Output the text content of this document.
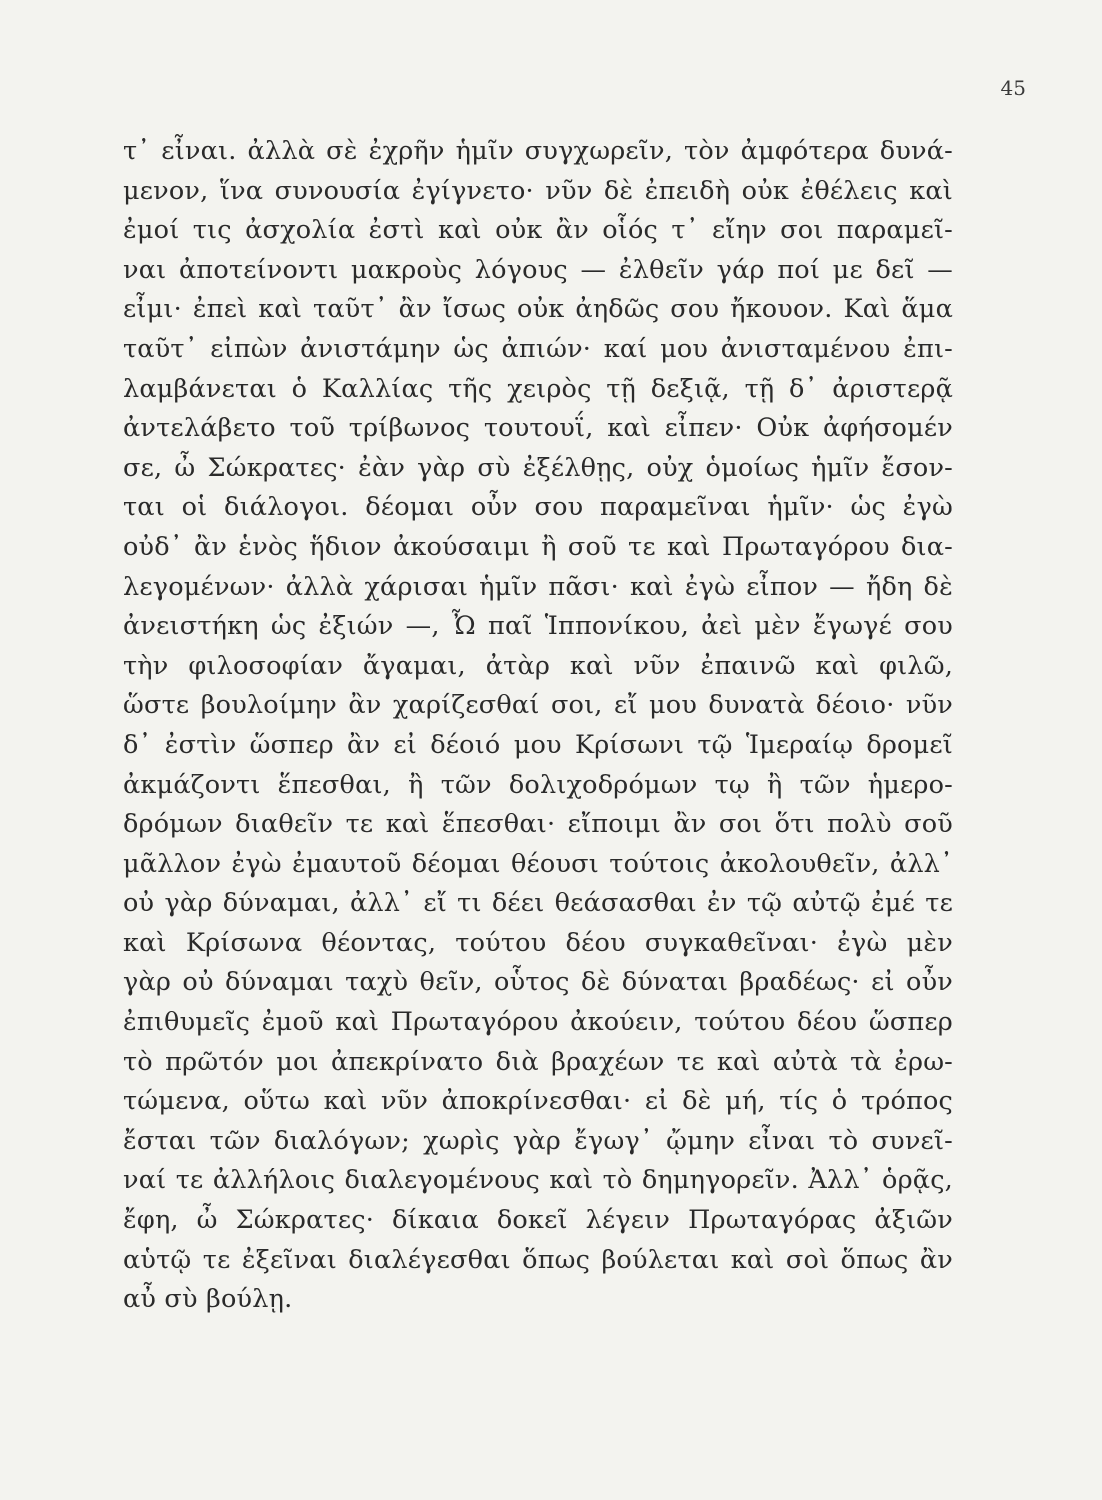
45
τ᾽ εἶναι. ἀλλὰ σὲ ἐχρῆν ἡμῖν συγχωρεῖν, τὸν ἀμφότερα δυνά-
μενον, ἵνα συνουσία ἐγίγνετο· νῦν δὲ ἐπειδὴ οὐκ ἐθέλεις καὶ
ἐμοί τις ἀσχολία ἐστὶ καὶ οὐκ ἂν οἷός τ᾽ εἴην σοι παραμεῖ-
ναι ἀποτείνοντι μακροὺς λόγους — ἐλθεῖν γάρ ποί με δεῖ —
εἶμι· ἐπεὶ καὶ ταῦτ᾽ ἂν ἴσως οὐκ ἀηδῶς σου ἤκουον. Καὶ ἅμα
ταῦτ᾽ εἰπὼν ἀνιστάμην ὡς ἀπιών· καί μου ἀνισταμένου ἐπι-
λαμβάνεται ὁ Καλλίας τῆς χειρὸς τῇ δεξιᾷ, τῇ δ᾽ ἀριστερᾷ
ἀντελάβετο τοῦ τρίβωνος τουτουΐ, καὶ εἶπεν· Οὐκ ἀφήσομέν
σε, ὦ Σώκρατες· ἐὰν γὰρ σὺ ἐξέλθῃς, οὐχ ὁμοίως ἡμῖν ἔσον-
ται οἱ διάλογοι. δέομαι οὖν σου παραμεῖναι ἡμῖν· ὡς ἐγὼ
οὐδ᾽ ἂν ἑνὸς ἥδιον ἀκούσαιμι ἢ σοῦ τε καὶ Πρωταγόρου δια-
λεγομένων· ἀλλὰ χάρισαι ἡμῖν πᾶσι· καὶ ἐγὼ εἶπον — ἤδη δὲ
ἀνειστήκη ὡς ἐξιών —, Ὦ παῖ Ἱππονίκου, ἀεὶ μὲν ἔγωγέ σου
τὴν φιλοσοφίαν ἄγαμαι, ἀτὰρ καὶ νῦν ἐπαινῶ καὶ φιλῶ,
ὥστε βουλοίμην ἂν χαρίζεσθαί σοι, εἴ μου δυνατὰ δέοιο· νῦν
δ᾽ ἐστὶν ὥσπερ ἂν εἰ δέοιό μου Κρίσωνι τῷ Ἱμεραίῳ δρομεῖ
ἀκμάζοντι ἕπεσθαι, ἢ τῶν δολιχοδρόμων τῳ ἢ τῶν ἡμερο-
δρόμων διαθεῖν τε καὶ ἕπεσθαι· εἴποιμι ἂν σοι ὅτι πολὺ σοῦ
μᾶλλον ἐγὼ ἐμαυτοῦ δέομαι θέουσι τούτοις ἀκολουθεῖν, ἀλλ᾽
οὐ γὰρ δύναμαι, ἀλλ᾽ εἴ τι δέει θεάσασθαι ἐν τῷ αὐτῷ ἐμέ τε
καὶ Κρίσωνα θέοντας, τούτου δέου συγκαθεῖναι· ἐγὼ μὲν
γὰρ οὐ δύναμαι ταχὺ θεῖν, οὗτος δὲ δύναται βραδέως· εἰ οὖν
ἐπιθυμεῖς ἐμοῦ καὶ Πρωταγόρου ἀκούειν, τούτου δέου ὥσπερ
τὸ πρῶτόν μοι ἀπεκρίνατο διὰ βραχέων τε καὶ αὐτὰ τὰ ἐρω-
τώμενα, οὕτω καὶ νῦν ἀποκρίνεσθαι· εἰ δὲ μή, τίς ὁ τρόπος
ἔσται τῶν διαλόγων; χωρὶς γὰρ ἔγωγ᾽ ᾤμην εἶναι τὸ συνεῖ-
ναί τε ἀλλήλοις διαλεγομένους καὶ τὸ δημηγορεῖν. Ἀλλ᾽ ὁρᾷς,
ἔφη, ὦ Σώκρατες· δίκαια δοκεῖ λέγειν Πρωταγόρας ἀξιῶν
αὑτῷ τε ἐξεῖναι διαλέγεσθαι ὅπως βούλεται καὶ σοὶ ὅπως ἂν
αὖ σὺ βούλῃ.
